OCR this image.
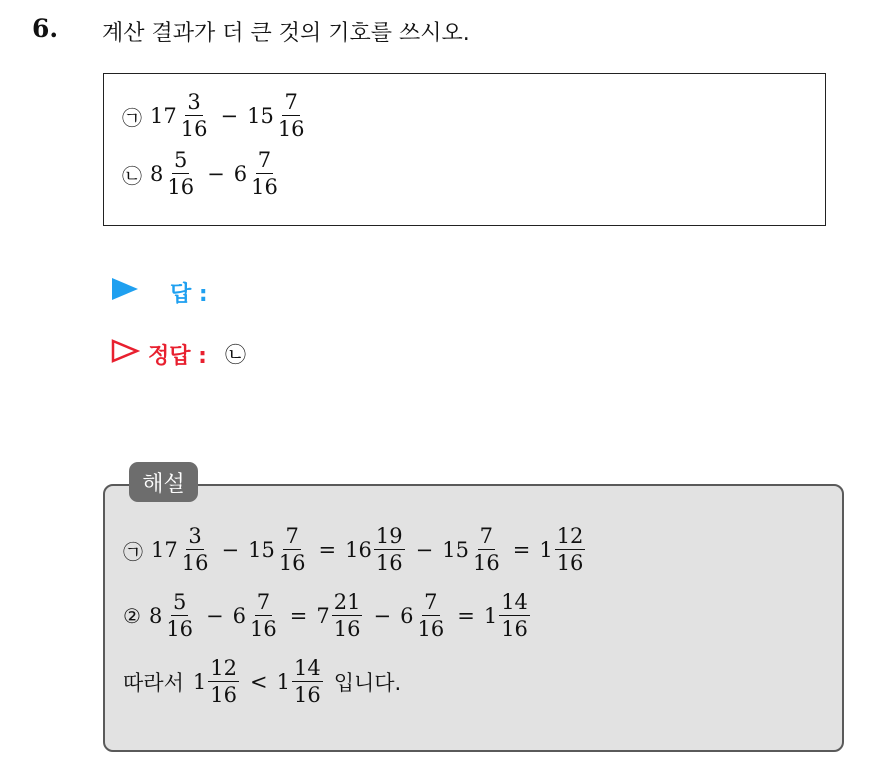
6. 계산 결과가 더 큰 것의 기호를 쓰시오.
㉠ $17 \frac{3}{16} - 15 \frac{7}{16}$
㉡ $8 \frac{5}{16} - 6 \frac{7}{16}$
답 :
정답 : ㉡
㉠ $17 \frac{3}{16} - 15 \frac{7}{16} = 16 \frac{19}{16} - 15 \frac{7}{16} = 1 \frac{12}{16}$
② $8 \frac{5}{16} - 6 \frac{7}{16} = 7 \frac{21}{16} - 6 \frac{7}{16} = 1 \frac{14}{16}$
따라서 $1 \frac{12}{16} < 1 \frac{14}{16}$ 입니다.
해설
